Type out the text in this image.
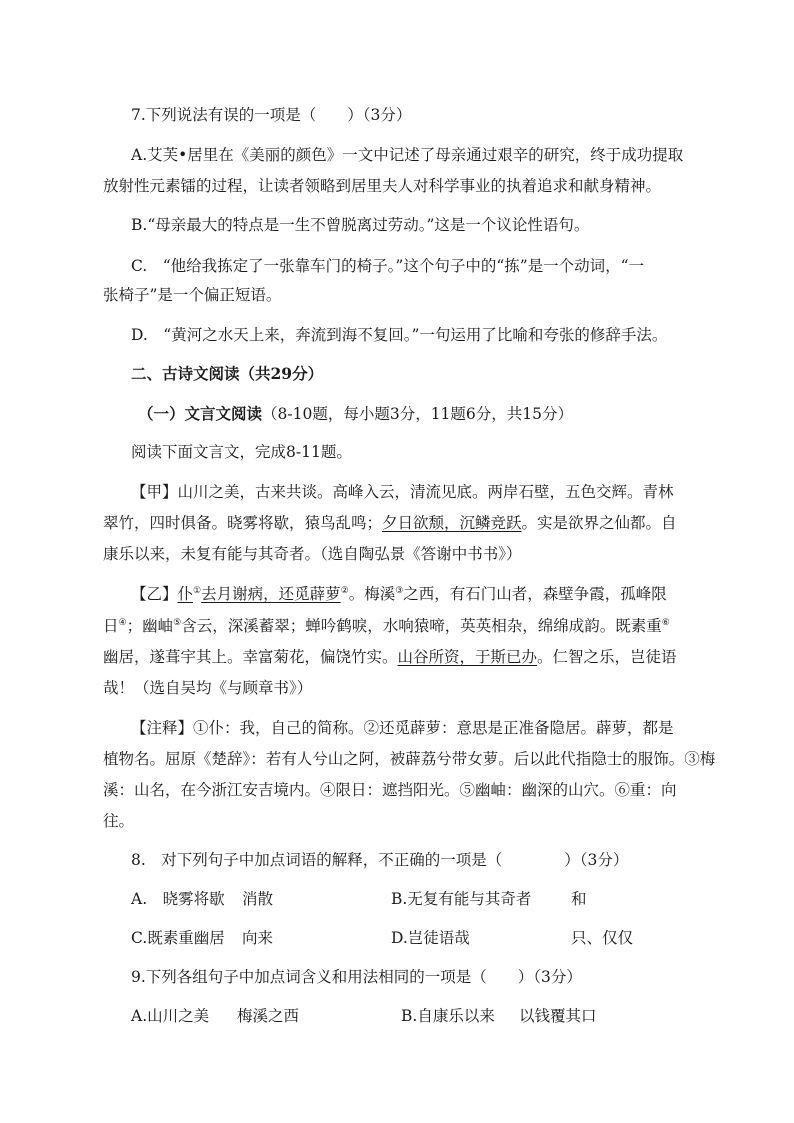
7.下列说法有误的一项是（　　）（3分）
A.艾芙•居里在《美丽的颜色》一文中记述了母亲通过艰辛的研究，终于成功提取
放射性元素镭的过程，让读者领略到居里夫人对科学事业的执着追求和献身精神。
B.“母亲最大的特点是一生不曾脱离过劳动。”这是一个议论性语句。
C.　“他给我拣定了一张靠车门的椅子。”这个句子中的“拣”是一个动词，“一
张椅子”是一个偏正短语。
D.　“黄河之水天上来，奔流到海不复回。”一句运用了比喻和夸张的修辞手法。
二、古诗文阅读（共29分）
（一）文言文阅读（8-10题，每小题3分，11题6分，共15分）
阅读下面文言文，完成8-11题。
【甲】山川之美，古来共谈。高峰入云，清流见底。两岸石壁，五色交辉。青林
翠竹，四时俱备。晓雾将歇，猿鸟乱鸣；夕日欲颓，沉鳞竞跃。实是欲界之仙都。自
康乐以来，未复有能与其奇者。（选自陶弘景《答谢中书书》）
【乙】仆①去月谢病，还觅薜萝②。梅溪③之西，有石门山者，森壁争霞，孤峰限
日④；幽岫⑤含云，深溪蓄翠；蝉吟鹤唳，水响猿啼，英英相杂，绵绵成韵。既素重⑥
幽居，遂葺宇其上。幸富菊花，偏饶竹实。山谷所资，于斯已办。仁智之乐，岂徒语
哉！（选自吴均《与顾章书》）
【注释】①仆：我，自己的简称。②还觅薜萝：意思是正准备隐居。薜萝，都是
植物名。屈原《楚辞》：若有人兮山之阿，被薜荔兮带女萝。后以此代指隐士的服饰。③梅
溪：山名，在今浙江安吉境内。④限日：遮挡阳光。⑤幽岫：幽深的山穴。⑥重：向
往。
8.　对下列句子中加点词语的解释，不正确的一项是（　　　　）（3分）
A.　晓雾将歇 消散	B.无复有能与其奇者	和
C.既素重幽居 向来	D.岂徒语哉	只、仅仅
9.下列各组句子中加点词含义和用法相同的一项是（　　）（3分）
A.山川之美 梅溪之西	B.自康乐以来 以钱覆其口
